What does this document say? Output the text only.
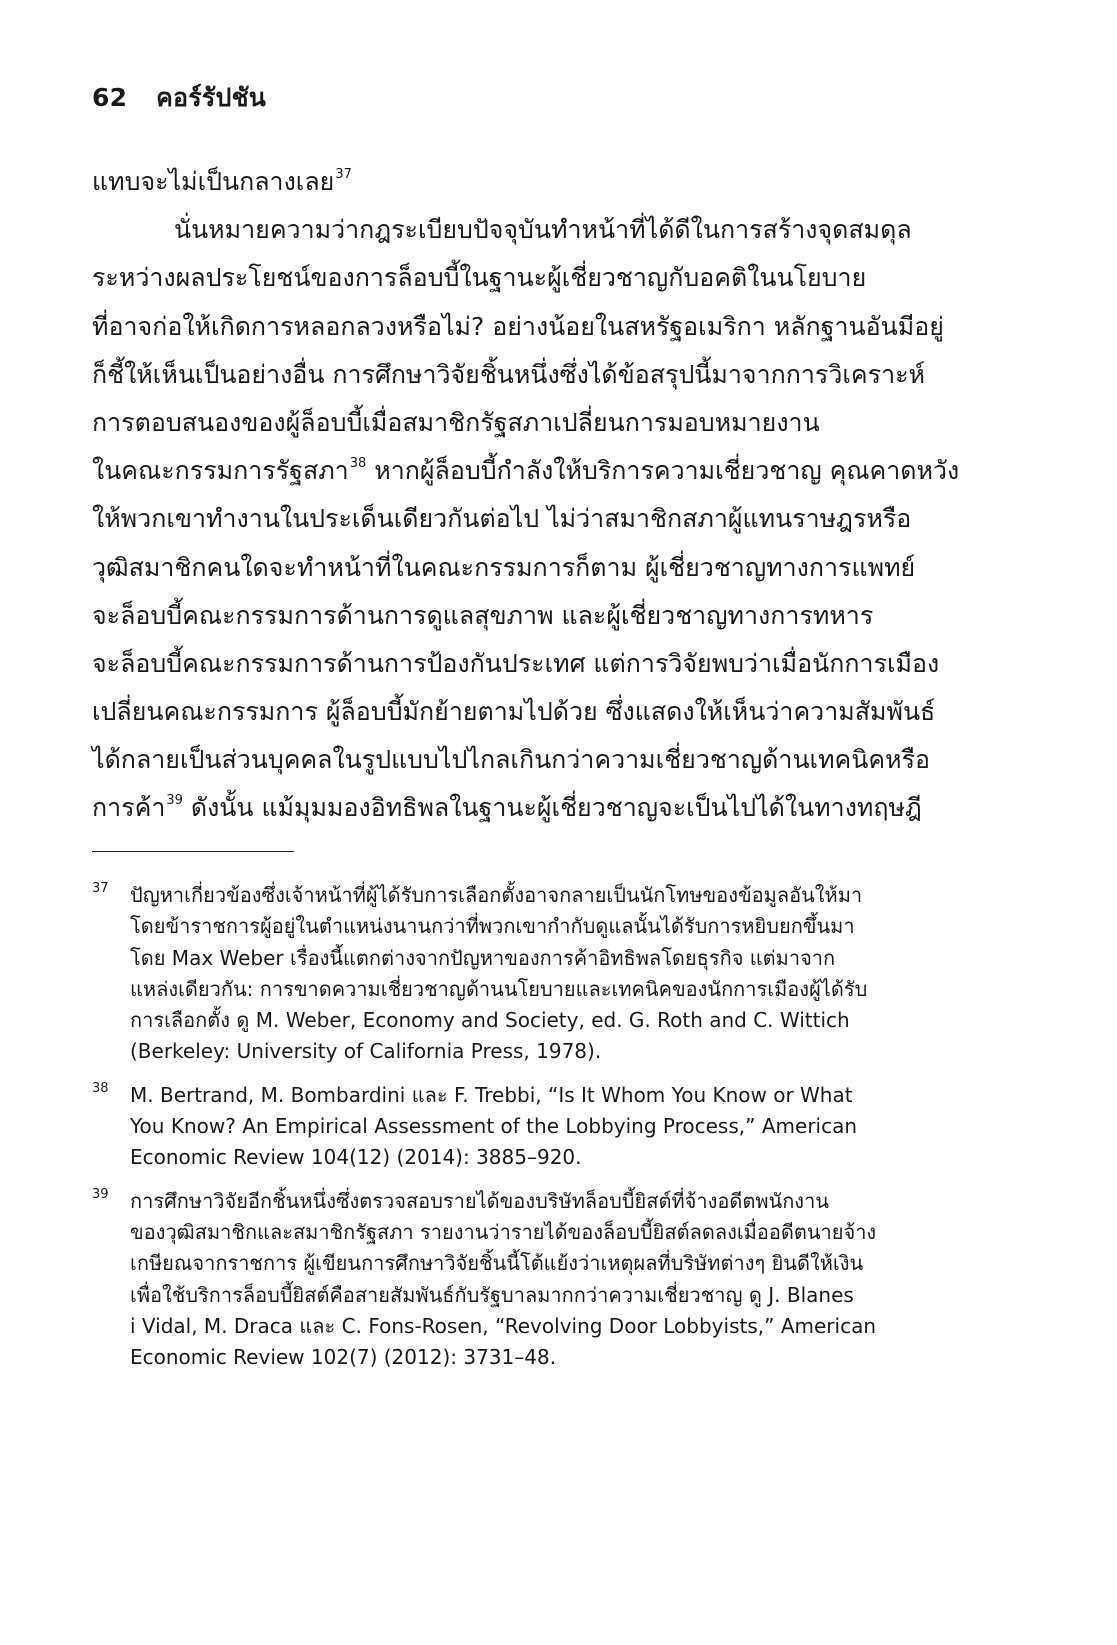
62 คอร์รัปชัน
แทบจะไม่เป็นกลางเลย$^{37}$
นั่นหมายความว่ากฎระเบียบปัจจุบันทำหน้าที่ได้ดีในการสร้างจุดสมดุล
ระหว่างผลประโยชน์ของการล็อบบี้ในฐานะผู้เชี่ยวชาญกับอคติในนโยบาย
ที่อาจก่อให้เกิดการหลอกลวงหรือไม่? อย่างน้อยในสหรัฐอเมริกา หลักฐานอันมีอยู่
ก็ชี้ให้เห็นเป็นอย่างอื่น การศึกษาวิจัยชิ้นหนึ่งซึ่งได้ข้อสรุปนี้มาจากการวิเคราะห์
การตอบสนองของผู้ล็อบบี้เมื่อสมาชิกรัฐสภาเปลี่ยนการมอบหมายงาน
ในคณะกรรมการรัฐสภา$^{38}$ หากผู้ล็อบบี้กำลังให้บริการความเชี่ยวชาญ คุณคาดหวัง
ให้พวกเขาทำงานในประเด็นเดียวกันต่อไป ไม่ว่าสมาชิกสภาผู้แทนราษฎรหรือ
วุฒิสมาชิกคนใดจะทำหน้าที่ในคณะกรรมการก็ตาม ผู้เชี่ยวชาญทางการแพทย์
จะล็อบบี้คณะกรรมการด้านการดูแลสุขภาพ และผู้เชี่ยวชาญทางการทหาร
จะล็อบบี้คณะกรรมการด้านการป้องกันประเทศ แต่การวิจัยพบว่าเมื่อนักการเมือง
เปลี่ยนคณะกรรมการ ผู้ล็อบบี้มักย้ายตามไปด้วย ซึ่งแสดงให้เห็นว่าความสัมพันธ์
ได้กลายเป็นส่วนบุคคลในรูปแบบไปไกลเกินกว่าความเชี่ยวชาญด้านเทคนิคหรือ
การค้า$^{39}$ ดังนั้น แม้มุมมองอิทธิพลในฐานะผู้เชี่ยวชาญจะเป็นไปได้ในทางทฤษฎี
37 ปัญหาเกี่ยวข้องซึ่งเจ้าหน้าที่ผู้ได้รับการเลือกตั้งอาจกลายเป็นนักโทษของข้อมูลอันให้มา
โดยข้าราชการผู้อยู่ในตำแหน่งนานกว่าที่พวกเขากำกับดูแลนั้นได้รับการหยิบยกขึ้นมา
โดย Max Weber เรื่องนี้แตกต่างจากปัญหาของการค้าอิทธิพลโดยธุรกิจ แต่มาจาก
แหล่งเดียวกัน: การขาดความเชี่ยวชาญด้านนโยบายและเทคนิคของนักการเมืองผู้ได้รับ
การเลือกตั้ง ดู M. Weber, Economy and Society, ed. G. Roth and C. Wittich
(Berkeley: University of California Press, 1978).
38 M. Bertrand, M. Bombardini และ F. Trebbi, “Is It Whom You Know or What
You Know? An Empirical Assessment of the Lobbying Process,” American
Economic Review 104(12) (2014): 3885–920.
39 การศึกษาวิจัยอีกชิ้นหนึ่งซึ่งตรวจสอบรายได้ของบริษัทล็อบบี้ยิสต์ที่จ้างอดีตพนักงาน
ของวุฒิสมาชิกและสมาชิกรัฐสภา รายงานว่ารายได้ของล็อบบี้ยิสต์ลดลงเมื่ออดีตนายจ้าง
เกษียณจากราชการ ผู้เขียนการศึกษาวิจัยชิ้นนี้โต้แย้งว่าเหตุผลที่บริษัทต่างๆ ยินดีให้เงิน
เพื่อใช้บริการล็อบบี้ยิสต์คือสายสัมพันธ์กับรัฐบาลมากกว่าความเชี่ยวชาญ ดู J. Blanes
i Vidal, M. Draca และ C. Fons-Rosen, “Revolving Door Lobbyists,” American
Economic Review 102(7) (2012): 3731–48.
